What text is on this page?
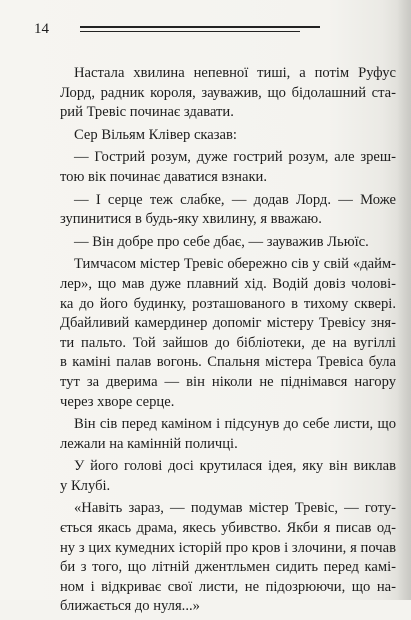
14
Настала хвилина непевної тиші, а потім Руфус
Лорд, радник короля, зауважив, що бідолашний ста-
рий Тревіс починає здавати.
Сер Вільям Клівер сказав:
— Гострий розум, дуже гострий розум, але зреш-
тою вік починає даватися взнаки.
— І серце теж слабке, — додав Лорд. — Може
зупинитися в будь-яку хвилину, я вважаю.
— Він добре про себе дбає, — зауважив Льюїс.
Тимчасом містер Тревіс обережно сів у свій «дайм-
лер», що мав дуже плавний хід. Водій довіз чолові-
ка до його будинку, розташованого в тихому сквері.
Дбайливий камердинер допоміг містеру Тревісу зня-
ти пальто. Той зайшов до бібліотеки, де на вугіллі
в каміні палав вогонь. Спальня містера Тревіса була
тут за дверима — він ніколи не піднімався нагору
через хворе серце.
Він сів перед каміном і підсунув до себе листи, що
лежали на камінній поличці.
У його голові досі крутилася ідея, яку він виклав
у Клубі.
«Навіть зараз, — подумав містер Тревіс, — готу-
ється якась драма, якесь убивство. Якби я писав од-
ну з цих кумедних історій про кров і злочини, я почав
би з того, що літній джентльмен сидить перед камі-
ном і відкриває свої листи, не підозрюючи, що на-
ближається до нуля...»
